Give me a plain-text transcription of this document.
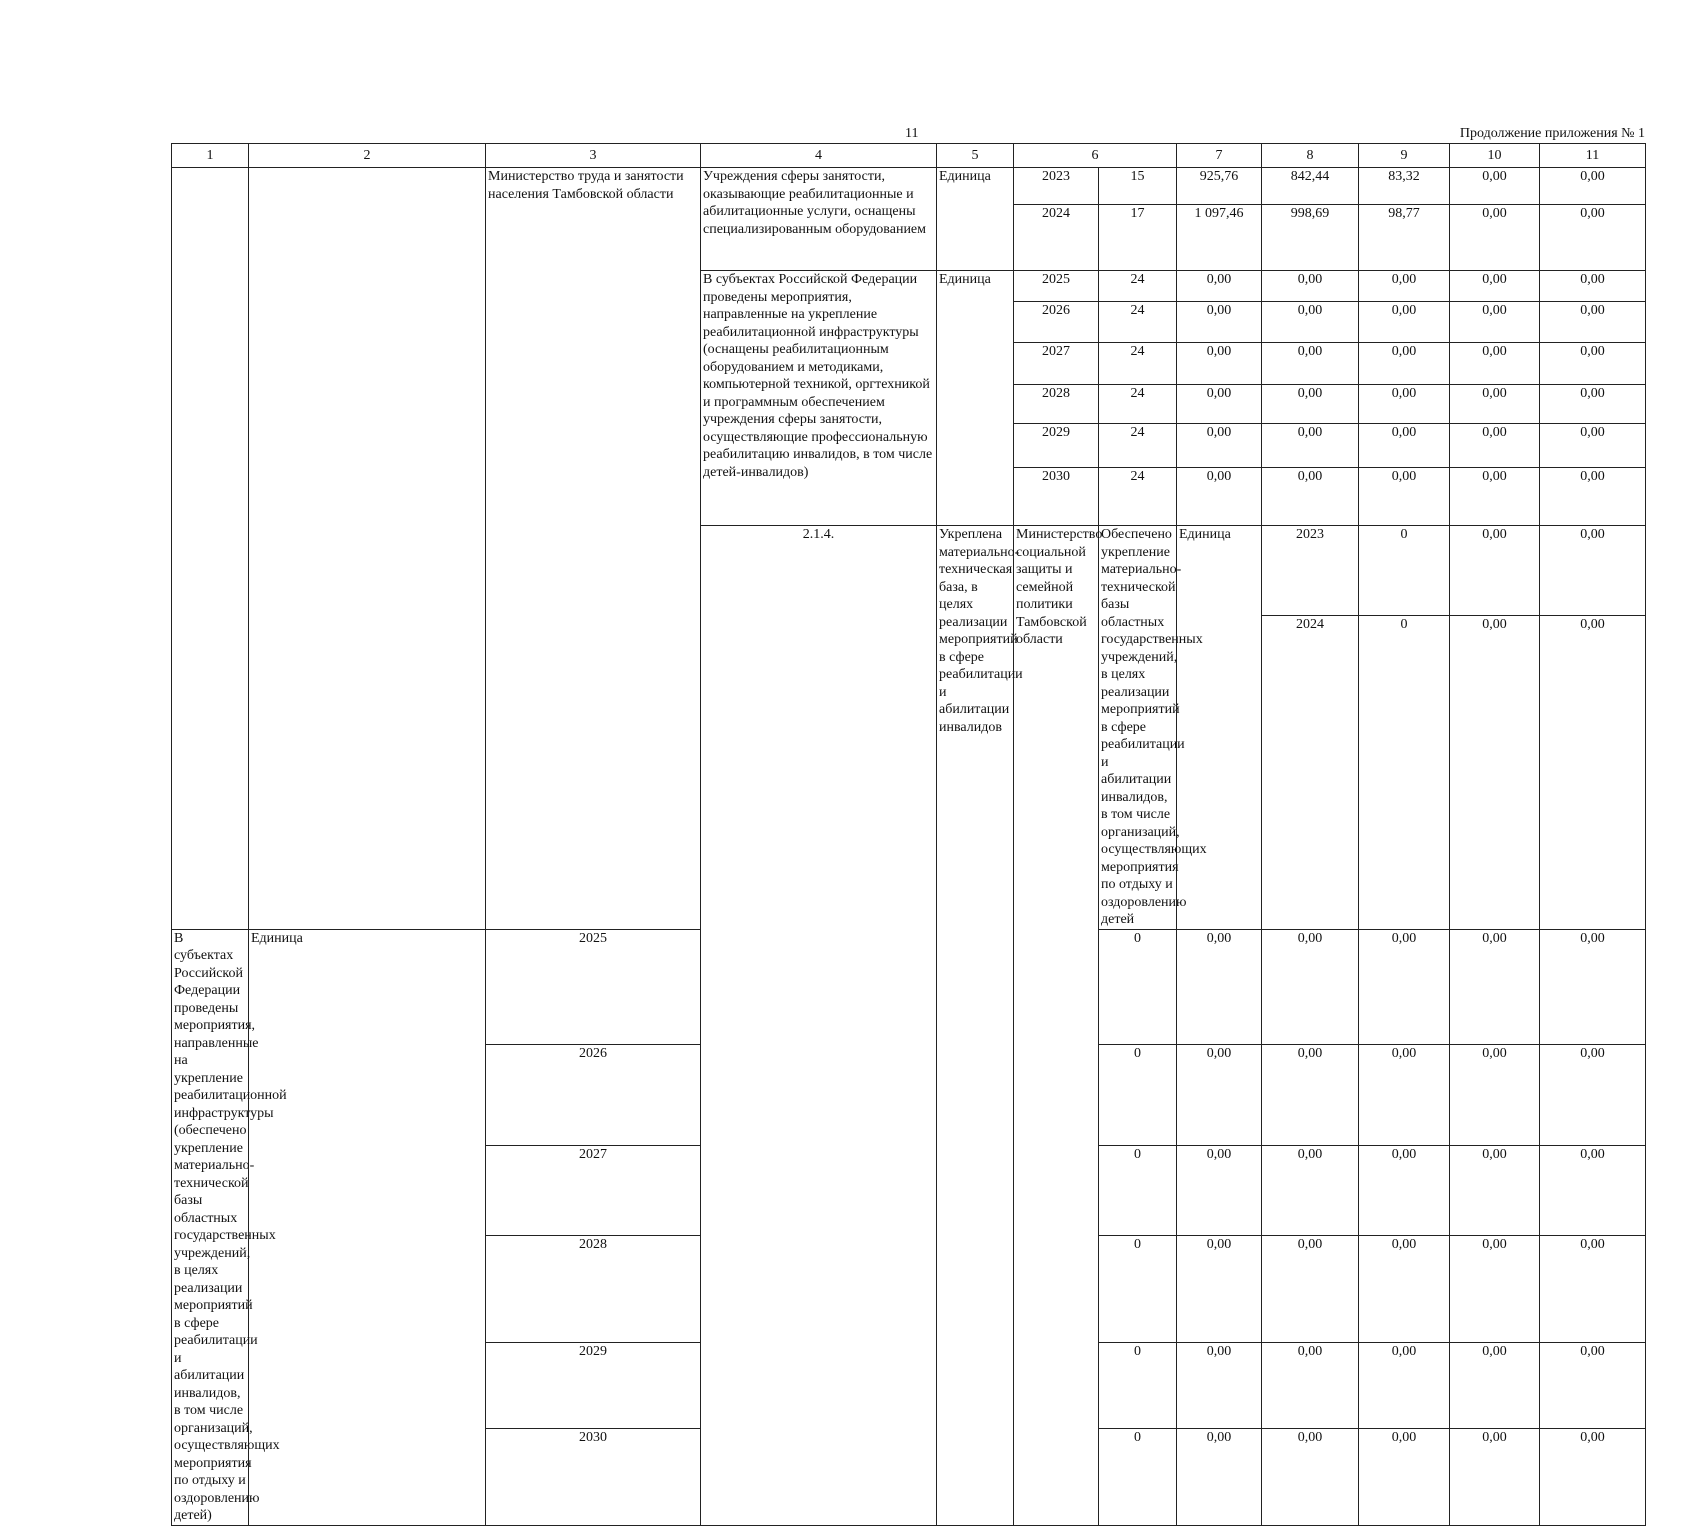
11	Продолжение приложения № 1
1	2	3	4	5	6		7	8	9	10	11	
		Министерство труда и занятости населения Тамбовской области	Учреждения сферы занятости, оказывающие реабилитационные и абилитационные услуги, оснащены специализированным оборудованием	Единица	2023	15	925,76	842,44	83,32	0,00	0,00	
					2024	17	1 097,46	998,69	98,77	0,00	0,00	
			В субъектах Российской Федерации проведены мероприятия, направленные на укрепление реабилитационной инфраструктуры (оснащены реабилитационным оборудованием и методиками, компьютерной техникой, оргтехникой и программным обеспечением учреждения сферы занятости, осуществляющие профессиональную реабилитацию инвалидов, в том числе детей-инвалидов)	Единица	2025	24	0,00	0,00	0,00	0,00	0,00	
					2026	24	0,00	0,00	0,00	0,00	0,00	
					2027	24	0,00	0,00	0,00	0,00	0,00	
					2028	24	0,00	0,00	0,00	0,00	0,00	
					2029	24	0,00	0,00	0,00	0,00	0,00	
					2030	24	0,00	0,00	0,00	0,00	0,00	
			2.1.4.	Укреплена материально-техническая база, в целях реализации мероприятий в сфере реабилитации и абилитации инвалидов	Министерство социальной защиты и семейной политики Тамбовской области	Обеспечено укрепление материально-технической базы областных государственных учреждений, в целях реализации мероприятий в сфере реабилитации и абилитации инвалидов, в том числе организаций, осуществляющих мероприятия по отдыху и оздоровлению детей	Единица	2023	0	0,00	0,00			
								2024	0	0,00	0,00			
В субъектах Российской Федерации проведены мероприятия, направленные на укрепление реабилитационной инфраструктуры (обеспечено укрепление материально-технической базы областных государственных учреждений, в целях реализации мероприятий в сфере реабилитации и абилитации инвалидов, в том числе организаций, осуществляющих мероприятия по отдыху и оздоровлению детей)	Единица	2025				0	0,00	0,00	0,00	0,00	0,00	
		2026				0	0,00	0,00	0,00	0,00	0,00	
		2027				0	0,00	0,00	0,00	0,00	0,00	
		2028				0	0,00	0,00	0,00	0,00	0,00	
		2029				0	0,00	0,00	0,00	0,00	0,00	
		2030				0	0,00	0,00	0,00	0,00	0,00	
